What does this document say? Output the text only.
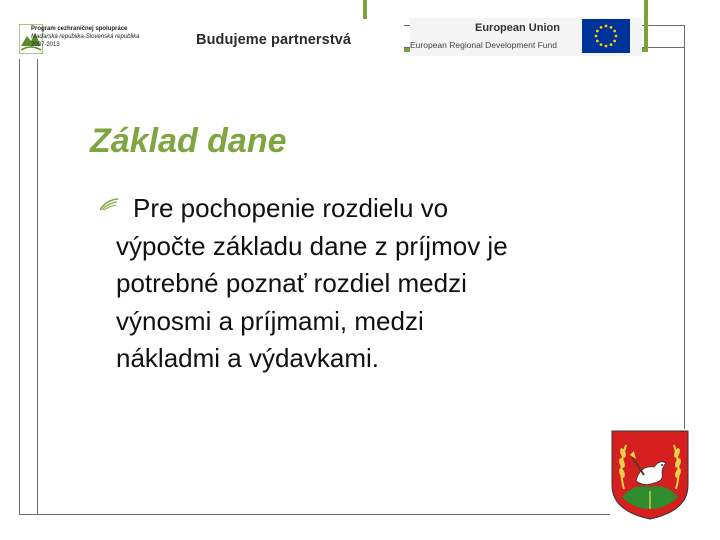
Program cezhraničnej spolupráce
Maďarská republika-Slovenská republika
2007-2013	Budujeme partnerstvá
European Union
European Regional Development Fund
Základ dane
Pre pochopenie rozdielu vo
výpočte základu dane z príjmov je
potrebné poznať rozdiel medzi
výnosmi a príjmami, medzi
nákladmi a výdavkami.
